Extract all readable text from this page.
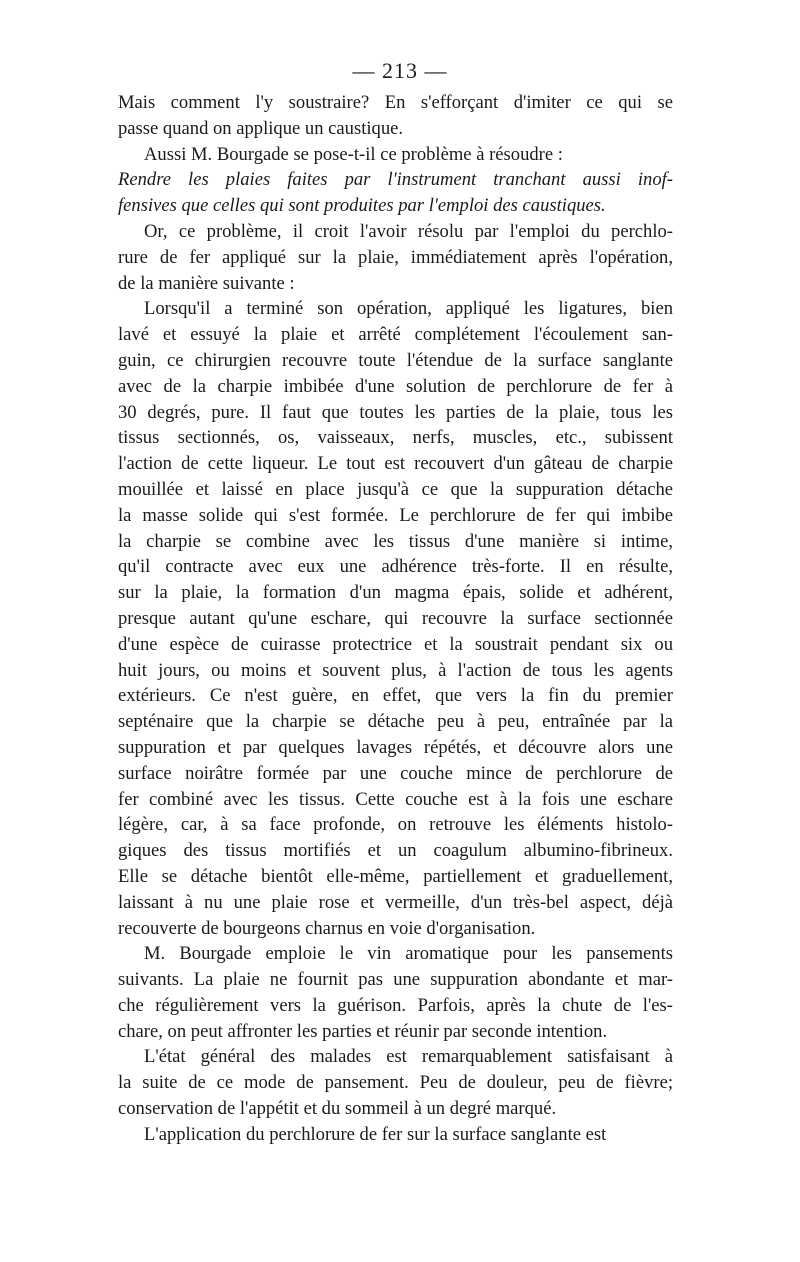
— 213 —

Mais comment l'y soustraire? En s'efforçant d'imiter ce qui se

passe quand on applique un caustique.

Aussi M. Bourgade se pose-t-il ce problème à résoudre :

Rendre les plaies faites par l'instrument tranchant aussi inof-

fensives que celles qui sont produites par l'emploi des caustiques.

Or, ce problème, il croit l'avoir résolu par l'emploi du perchlo-

rure de fer appliqué sur la plaie, immédiatement après l'opération,

de la manière suivante :

Lorsqu'il a terminé son opération, appliqué les ligatures, bien

lavé et essuyé la plaie et arrêté complétement l'écoulement san-

guin, ce chirurgien recouvre toute l'étendue de la surface sanglante

avec de la charpie imbibée d'une solution de perchlorure de fer à

30 degrés, pure. Il faut que toutes les parties de la plaie, tous les

tissus sectionnés, os, vaisseaux, nerfs, muscles, etc., subissent

l'action de cette liqueur. Le tout est recouvert d'un gâteau de charpie

mouillée et laissé en place jusqu'à ce que la suppuration détache

la masse solide qui s'est formée. Le perchlorure de fer qui imbibe

la charpie se combine avec les tissus d'une manière si intime,

qu'il contracte avec eux une adhérence très-forte. Il en résulte,

sur la plaie, la formation d'un magma épais, solide et adhérent,

presque autant qu'une eschare, qui recouvre la surface sectionnée

d'une espèce de cuirasse protectrice et la soustrait pendant six ou

huit jours, ou moins et souvent plus, à l'action de tous les agents

extérieurs. Ce n'est guère, en effet, que vers la fin du premier

septénaire que la charpie se détache peu à peu, entraînée par la

suppuration et par quelques lavages répétés, et découvre alors une

surface noirâtre formée par une couche mince de perchlorure de

fer combiné avec les tissus. Cette couche est à la fois une eschare

légère, car, à sa face profonde, on retrouve les éléments histolo-

giques des tissus mortifiés et un coagulum albumino-fibrineux.

Elle se détache bientôt elle-même, partiellement et graduellement,

laissant à nu une plaie rose et vermeille, d'un très-bel aspect, déjà

recouverte de bourgeons charnus en voie d'organisation.

M. Bourgade emploie le vin aromatique pour les pansements

suivants. La plaie ne fournit pas une suppuration abondante et mar-

che régulièrement vers la guérison. Parfois, après la chute de l'es-

chare, on peut affronter les parties et réunir par seconde intention.

L'état général des malades est remarquablement satisfaisant à

la suite de ce mode de pansement. Peu de douleur, peu de fièvre;

conservation de l'appétit et du sommeil à un degré marqué.

L'application du perchlorure de fer sur la surface sanglante est
